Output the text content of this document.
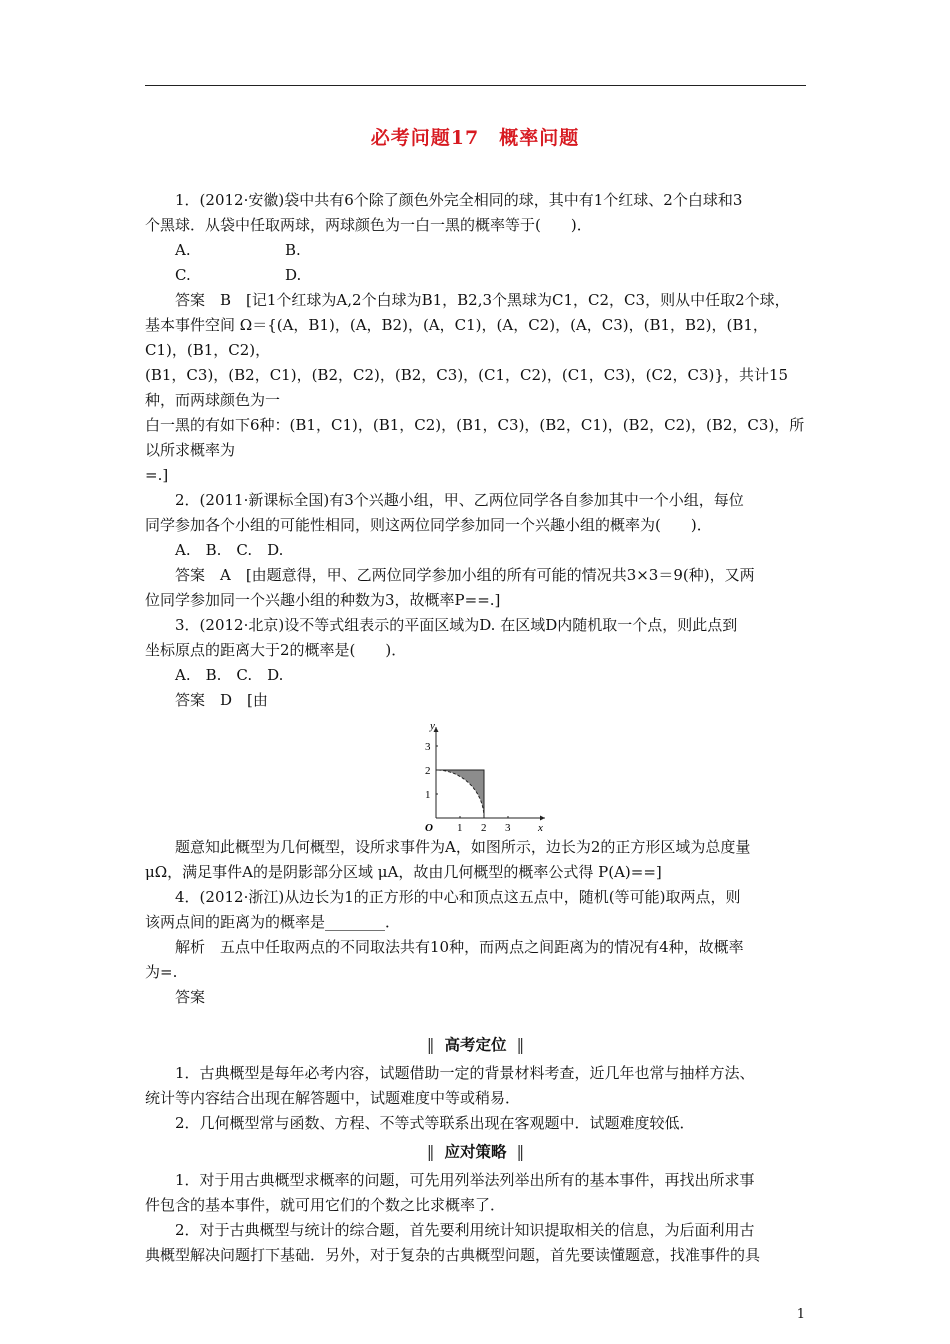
必考问题17　概率问题

1．(2012·安徽)袋中共有6个除了颜色外完全相同的球，其中有1个红球、2个白球和3

个黑球．从袋中任取两球，两球颜色为一白一黑的概率等于(　　)．

A.	B.

C.	D.

答案　B　[记1个红球为A,2个白球为B1，B2,3个黑球为C1，C2，C3，则从中任取2个球，

基本事件空间 Ω＝{(A，B1)，(A，B2)，(A，C1)，(A，C2)，(A，C3)，(B1，B2)，(B1，C1)，(B1，C2)，

(B1，C3)，(B2，C1)，(B2，C2)，(B2，C3)，(C1，C2)，(C1，C3)，(C2，C3)}，共计15种，而两球颜色为一

白一黑的有如下6种：(B1，C1)，(B1，C2)，(B1，C3)，(B2，C1)，(B2，C2)，(B2，C3)，所以所求概率为

=.]

2．(2011·新课标全国)有3个兴趣小组，甲、乙两位同学各自参加其中一个小组，每位

同学参加各个小组的可能性相同，则这两位同学参加同一个兴趣小组的概率为(　　)．

A.　B.　C.　D.

答案　A　[由题意得，甲、乙两位同学参加小组的所有可能的情况共3×3＝9(种)，又两

位同学参加同一个兴趣小组的种数为3，故概率P==.]

3．(2012·北京)设不等式组表示的平面区域为D. 在区域D内随机取一个点，则此点到

坐标原点的距离大于2的概率是(　　)．

A.　B.　C.　D.

答案　D　[由

y
x
O
3
2
1
1 2 3

题意知此概型为几何概型，设所求事件为A，如图所示，边长为2的正方形区域为总度量

μΩ，满足事件A的是阴影部分区域 μA，故由几何概型的概率公式得 P(A)==]

4．(2012·浙江)从边长为1的正方形的中心和顶点这五点中，随机(等可能)取两点，则

该两点间的距离为的概率是________．

解析　五点中任取两点的不同取法共有10种，而两点之间距离为的情况有4种，故概率

为=.

答案

‖ 高考定位 ‖

1．古典概型是每年必考内容，试题借助一定的背景材料考查，近几年也常与抽样方法、

统计等内容结合出现在解答题中，试题难度中等或稍易．

2．几何概型常与函数、方程、不等式等联系出现在客观题中．试题难度较低．

‖ 应对策略 ‖

1．对于用古典概型求概率的问题，可先用列举法列举出所有的基本事件，再找出所求事

件包含的基本事件，就可用它们的个数之比求概率了．

2．对于古典概型与统计的综合题，首先要利用统计知识提取相关的信息，为后面利用古

典概型解决问题打下基础．另外，对于复杂的古典概型问题，首先要读懂题意，找准事件的具

1
